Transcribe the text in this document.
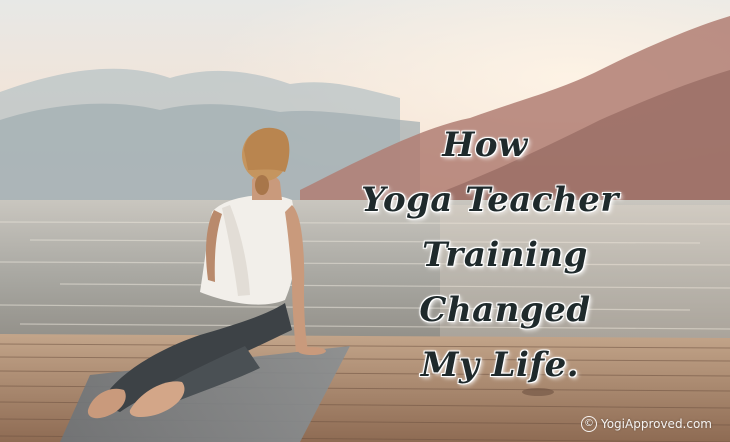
How
Yoga Teacher
Training Changed
My Life.
© YogiApproved.com
